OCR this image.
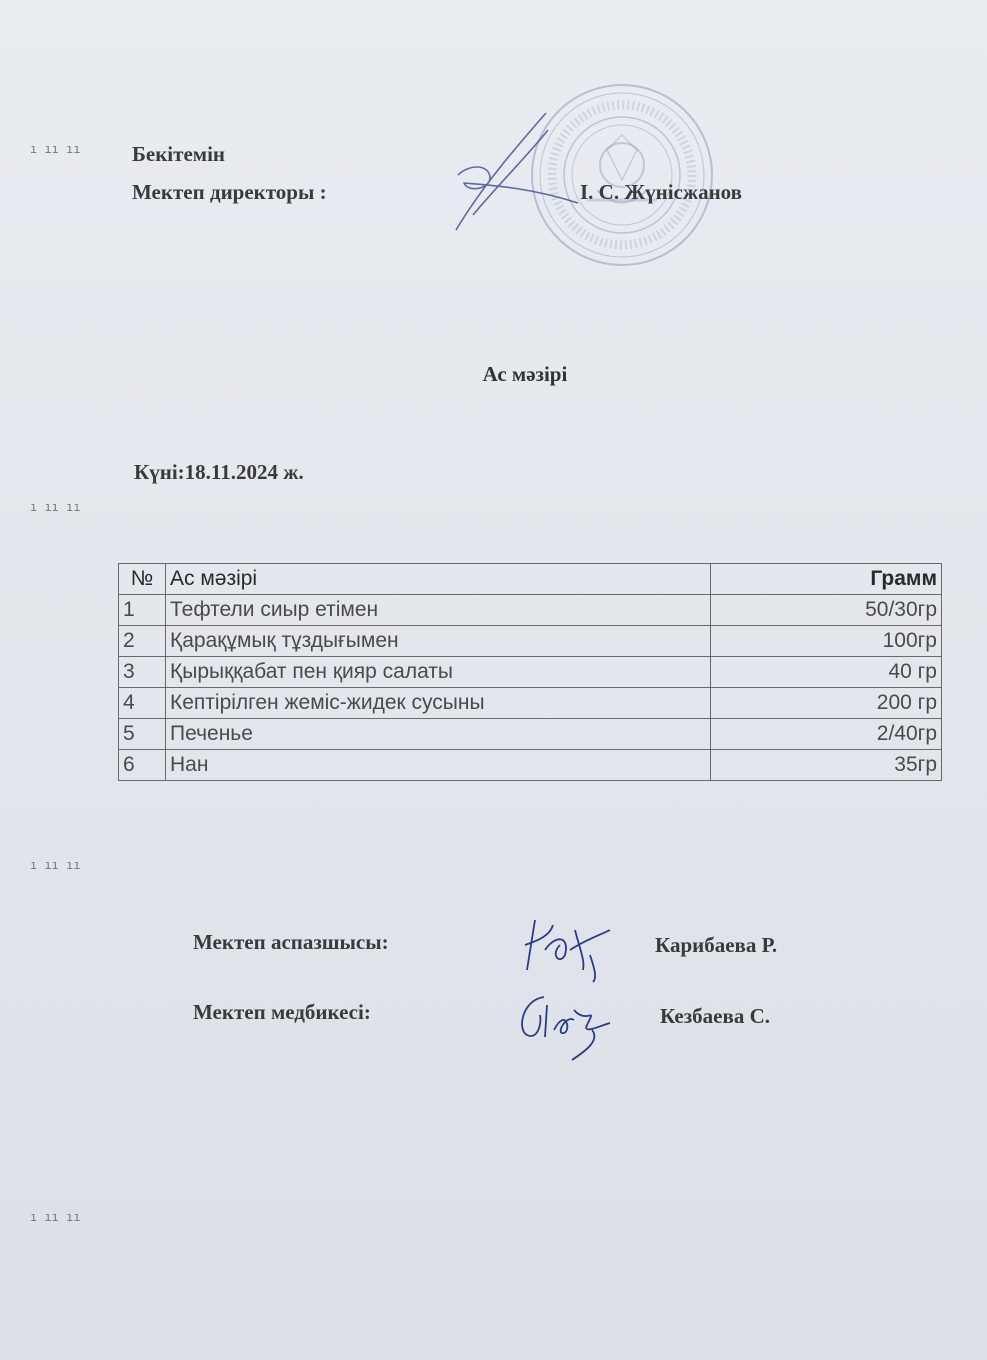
Бекітемін
Мектеп директоры :	І. С. Жүнісжанов
Ас мәзірі
Күні:18.11.2024 ж.
№	Ас мәзірі	Грамм
1	Тефтели сиыр етімен	50/30гр
2	Қарақұмық тұздығымен	100гр
3	Қырыққабат пен қияр салаты	40 гр
4	Кептірілген жеміс-жидек сусыны	200 гр
5	Печенье	2/40гр
6	Нан	35гр
Мектеп аспазшысы:	Карибаева Р.
Мектеп медбикесі:	Кезбаева С.
ı ıı ıı
ı ıı ıı
ı ıı ıı
ı ıı ıı
